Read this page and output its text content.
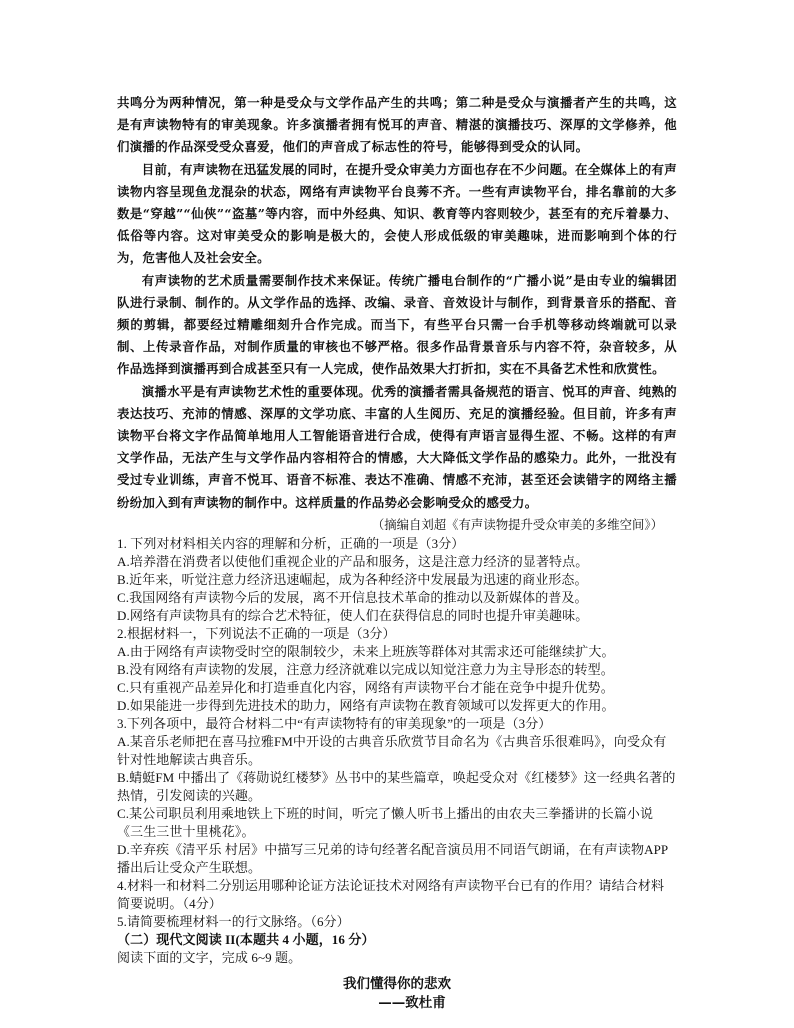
共鸣分为两种情况，第一种是受众与文学作品产生的共鸣；第二种是受众与演播者产生的共鸣，这是有声读物特有的审美现象。许多演播者拥有悦耳的声音、精湛的演播技巧、深厚的文学修养，他们演播的作品深受受众喜爱，他们的声音成了标志性的符号，能够得到受众的认同。

目前，有声读物在迅猛发展的同时，在提升受众审美力方面也存在不少问题。在全媒体上的有声读物内容呈现鱼龙混杂的状态，网络有声读物平台良莠不齐。一些有声读物平台，排名靠前的大多数是“穿越”“仙侠”“盗墓”等内容，而中外经典、知识、教育等内容则较少，甚至有的充斥着暴力、低俗等内容。这对审美受众的影响是极大的，会使人形成低级的审美趣味，进而影响到个体的行为，危害他人及社会安全。

有声读物的艺术质量需要制作技术来保证。传统广播电台制作的“广播小说”是由专业的编辑团队进行录制、制作的。从文学作品的选择、改编、录音、音效设计与制作，到背景音乐的搭配、音频的剪辑，都要经过精雕细刻升合作完成。而当下，有些平台只需一台手机等移动终端就可以录制、上传录音作品，对制作质量的审核也不够严格。很多作品背景音乐与内容不符，杂音较多，从作品选择到演播再到合成甚至只有一人完成，使作品效果大打折扣，实在不具备艺术性和欣赏性。

演播水平是有声读物艺术性的重要体现。优秀的演播者需具备规范的语言、悦耳的声音、纯熟的表达技巧、充沛的情感、深厚的文学功底、丰富的人生阅历、充足的演播经验。但目前，许多有声读物平台将文字作品简单地用人工智能语音进行合成，使得有声语言显得生涩、不畅。这样的有声文学作品，无法产生与文学作品内容相符合的情感，大大降低文学作品的感染力。此外，一批没有受过专业训练，声音不悦耳、语音不标准、表达不准确、情感不充沛，甚至还会读错字的网络主播纷纷加入到有声读物的制作中。这样质量的作品势必会影响受众的感受力。

（摘编自刘超《有声读物提升受众审美的多维空间》）

1. 下列对材料相关内容的理解和分析，正确的一项是（3分）

A.培养潜在消费者以使他们重视企业的产品和服务，这是注意力经济的显著特点。

B.近年来，听觉注意力经济迅速崛起，成为各种经济中发展最为迅速的商业形态。

C.我国网络有声读物今后的发展，离不开信息技术革命的推动以及新媒体的普及。

D.网络有声读物具有的综合艺术特征，使人们在获得信息的同时也提升审美趣味。

2.根据材料一，下列说法不正确的一项是（3分）

A.由于网络有声读物受时空的限制较少，未来上班族等群体对其需求还可能继续扩大。

B.没有网络有声读物的发展，注意力经济就难以完成以知觉注意力为主导形态的转型。

C.只有重视产品差异化和打造垂直化内容，网络有声读物平台才能在竞争中提升优势。

D.如果能进一步得到先进技术的助力，网络有声读物在教育领域可以发挥更大的作用。

3.下列各项中，最符合材料二中“有声读物特有的审美现象”的一项是（3分）

A.某音乐老师把在喜马拉雅FM中开设的古典音乐欣赏节目命名为《古典音乐很难吗》，向受众有针对性地解读古典音乐。

B.蜻蜓FM 中播出了《蒋勋说红楼梦》丛书中的某些篇章，唤起受众对《红楼梦》这一经典名著的热情，引发阅读的兴趣。

C.某公司职员利用乘地铁上下班的时间，听完了懒人听书上播出的由农夫三拳播讲的长篇小说《三生三世十里桃花》。

D.辛弃疾《清平乐 村居》中描写三兄弟的诗句经著名配音演员用不同语气朗诵，在有声读物APP播出后让受众产生联想。

4.材料一和材料二分别运用哪种论证方法论证技术对网络有声读物平台已有的作用？请结合材料简要说明。（4分）

5.请简要梳理材料一的行文脉络。（6分）

（二）现代文阅读 II(本题共 4 小题，16 分）

阅读下面的文字，完成 6~9 题。

我们懂得你的悲欢

——致杜甫
